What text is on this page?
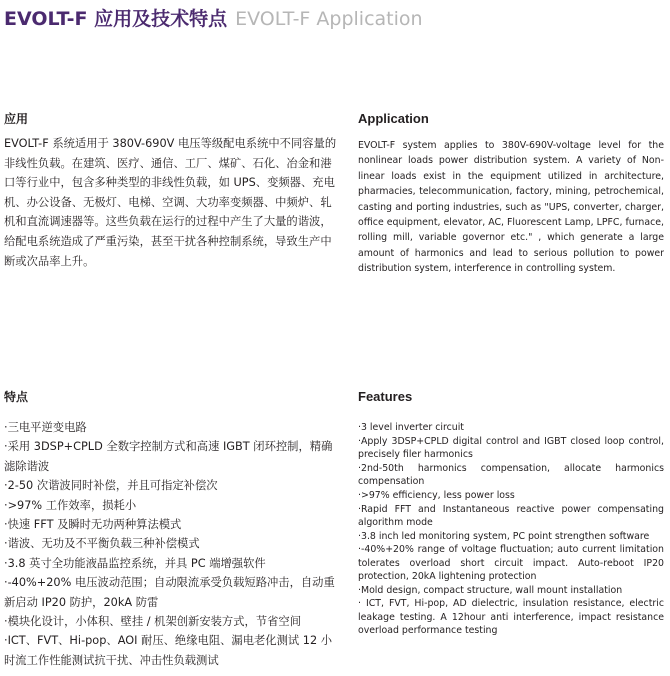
EVOLT-F 应用及技术特点 EVOLT-F Application
应用	Application

EVOLT-F 系统适用于 380V-690V 电压等级配电系统中不同容量的非线性负载。在建筑、医疗、通信、工厂、煤矿、石化、冶金和港口等行业中，包含多种类型的非线性负载，如 UPS、变频器、充电机、办公设备、无极灯、电梯、空调、大功率变频器、中频炉、轧机和直流调速器等。这些负载在运行的过程中产生了大量的谐波，给配电系统造成了严重污染，甚至干扰各种控制系统，导致生产中断或次品率上升。

EVOLT-F system applies to 380V-690V-voltage level for the nonlinear loads power distribution system. A variety of Non-linear loads exist in the equipment utilized in architecture, pharmacies, telecommunication, factory, mining, petrochemical, casting and porting industries, such as "UPS, converter, charger, office equipment, elevator, AC, Fluorescent Lamp, LPFC, furnace, rolling mill, variable governor etc." , which generate a large amount of harmonics and lead to serious pollution to power distribution system, interference in controlling system.

特点	Features
·三电平逆变电路
·采用 3DSP+CPLD 全数字控制方式和高速 IGBT 闭环控制，精确滤除谐波
·2-50 次谐波同时补偿，并且可指定补偿次
·>97% 工作效率，损耗小
·快速 FFT 及瞬时无功两种算法模式
·谐波、无功及不平衡负载三种补偿模式
·3.8 英寸全功能液晶监控系统，并具 PC 端增强软件
·-40%+20% 电压波动范围；自动限流承受负载短路冲击，自动重新启动 IP20 防护，20kA 防雷
·模块化设计，小体积、壁挂 / 机架创新安装方式，节省空间
·ICT、FVT、Hi-pop、AOI 耐压、绝缘电阻、漏电老化测试 12 小时流工作性能测试抗干扰、冲击性负载测试
·3 level inverter circuit
·Apply 3DSP+CPLD digital control and IGBT closed loop control, precisely filer harmonics
·2nd-50th harmonics compensation, allocate harmonics compensation
·>97% efficiency, less power loss
·Rapid FFT and Instantaneous reactive power compensating algorithm mode
·3.8 inch led monitoring system, PC point strengthen software
·-40%+20% range of voltage fluctuation; auto current limitation tolerates overload short circuit impact. Auto-reboot IP20 protection, 20kA lightening protection
·Mold design, compact structure, wall mount installation
· ICT, FVT, Hi-pop, AD dielectric, insulation resistance, electric leakage testing. A 12hour anti interference, impact resistance overload performance testing
